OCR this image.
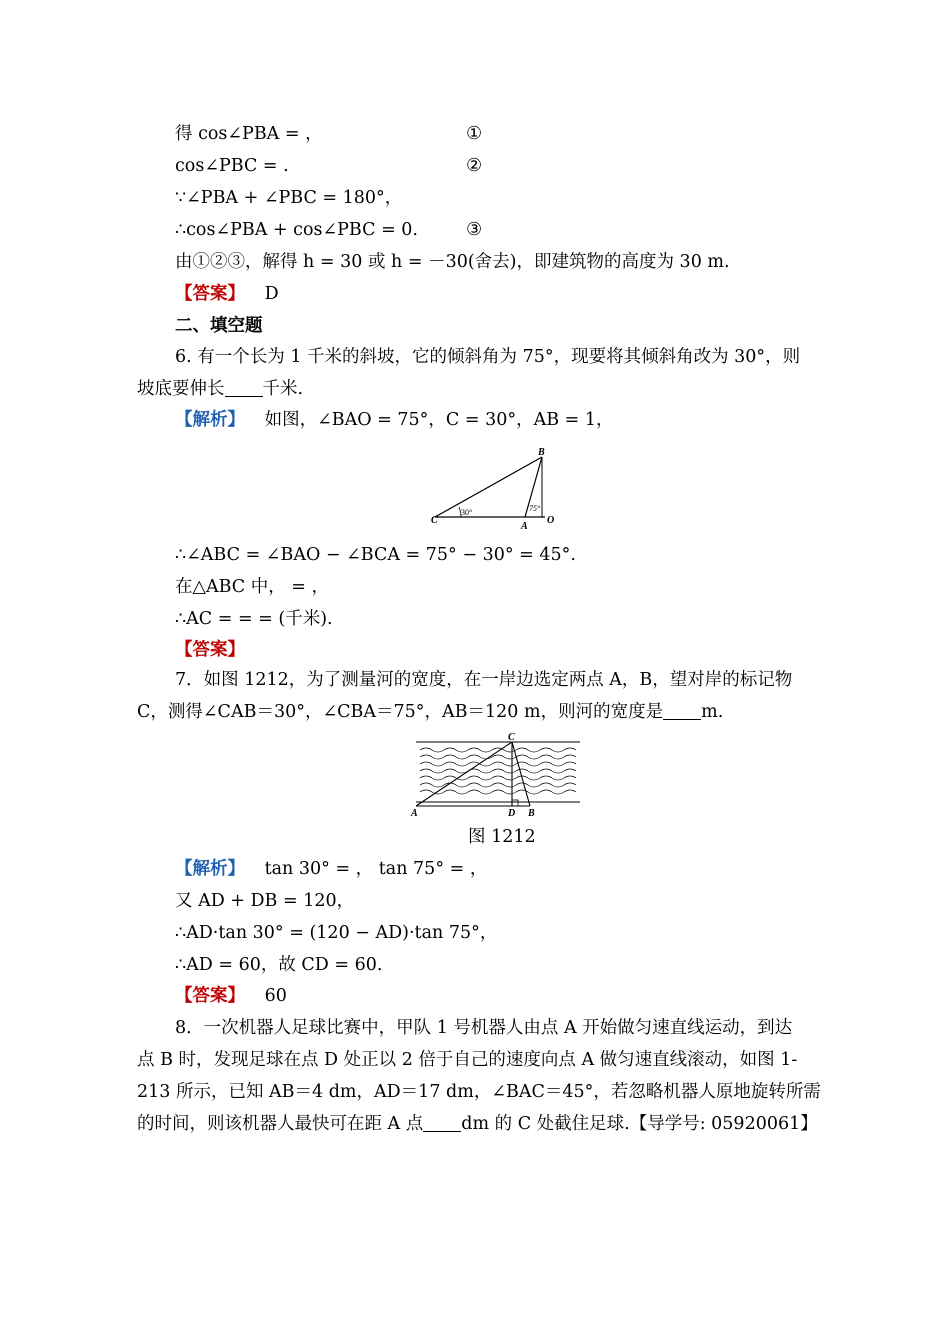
得 cos∠PBA = ，	①
cos∠PBC = .	②
∵∠PBA + ∠PBC = 180°，
∴cos∠PBA + cos∠PBC = 0.	③
由①②③，解得 h = 30 或 h = －30(舍去)，即建筑物的高度为 30 m.
【答案】 D
二、填空题
6. 有一个长为 1 千米的斜坡，它的倾斜角为 75°，现要将其倾斜角改为 30°，则
坡底要伸长 千米.
【解析】 如图，∠BAO = 75°，C = 30°，AB = 1，
C
30°	75°
B
A
O
∴∠ABC = ∠BAO − ∠BCA = 75° − 30° = 45°.
在△ABC 中， = ，
∴AC = = = (千米).
【答案】
7．如图 1212，为了测量河的宽度，在一岸边选定两点 A，B，望对岸的标记物
C，测得∠CAB＝30°，∠CBA＝75°，AB＝120 m，则河的宽度是 m.
C
A	D B
图 1212
【解析】 tan 30° = ， tan 75° = ，
又 AD + DB = 120，
∴AD·tan 30° = (120 − AD)·tan 75°，
∴AD = 60，故 CD = 60.
【答案】 60
8．一次机器人足球比赛中，甲队 1 号机器人由点 A 开始做匀速直线运动，到达
点 B 时，发现足球在点 D 处正以 2 倍于自己的速度向点 A 做匀速直线滚动，如图 1-
213 所示，已知 AB＝4 dm，AD＝17 dm，∠BAC＝45°，若忽略机器人原地旋转所需
的时间，则该机器人最快可在距 A 点 dm 的 C 处截住足球.【导学号: 05920061】
